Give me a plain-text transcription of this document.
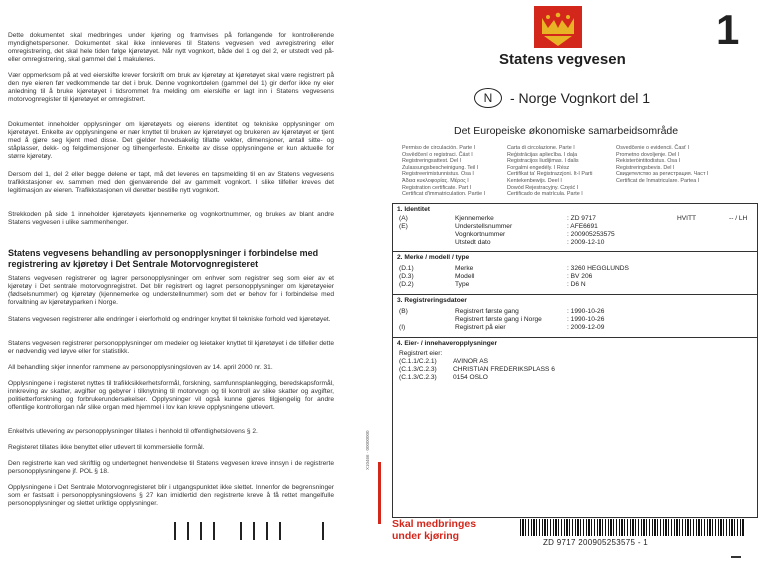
Dette dokumentet skal medbringes under kjøring og framvises på forlangende for kontrollerende myndighetspersoner. Dokumentet skal ikke innleveres til Statens vegvesen ved avregistrering eller omregistrering, det skal hele tiden følge kjøretøyet. Når nytt vognkort, både del 1 og del 2, er utstedt ved på- eller omregistrering, skal gammel del 1 makuleres.

Vær oppmerksom på at ved eierskifte krever forskrift om bruk av kjøretøy at kjøretøyet skal være registrert på den nye eieren før vedkommende tar det i bruk. Denne vognkortdelen (gammel del 1) gir derfor ikke ny eier anledning til å bruke kjøretøyet i tidsrommet fra melding om eierskifte er lagt inn i Statens vegvesens motorvognregister til kjøretøyet er omregistrert.

Dokumentet inneholder opplysninger om kjøretøyets og eierens identitet og tekniske opplysninger om kjøretøyet. Enkelte av opplysningene er nær knyttet til bruken av kjøretøyet og brukeren av kjøretøyet er tjent med å gjøre seg kjent med disse. Det gjelder hovedsakelig tillatte vekter, dimensjoner, antall sitte- og ståplasser, dekk- og felgdimensjoner og tilhengerfeste. Enkelte av disse opplysningene er kun aktuelle for større kjøretøy.

Dersom del 1, del 2 eller begge delene er tapt, må det leveres en tapsmelding til en av Statens vegvesens trafikkstasjoner ev. sammen med den gjenværende del av gammelt vognkort. I slike tilfeller kreves det legitimasjon av eieren. Trafikkstasjonen vil deretter bestille nytt vognkort.

Strekkoden på side 1 inneholder kjøretøyets kjennemerke og vognkortnummer, og brukes av blant andre Statens vegvesen i ulike sammenhenger.

Statens vegvesens behandling av personopplysninger i forbindelse med registrering av kjøretøy i Det Sentrale Motorvognregisteret

Statens vegvesen registrerer og lagrer personopplysninger om enhver som registrer seg som eier av et kjøretøy i Det sentrale motorvognregistret. Det blir registrert og lagret personopplysninger om kjøretøyeier (fødselsnummer) og kjøretøy (kjennemerke og understellnummer) som det er behov for i forbindelse med forvaltning av kjøretøyparken i Norge.

Statens vegvesen registrerer alle endringer i eierforhold og endringer knyttet til tekniske forhold ved kjøretøyet.

Statens vegvesen registrerer personopplysninger om medeier og leietaker knyttet til kjøretøyet i de tilfeller dette er nødvendig ved løyve eller for statistikk.

All behandling skjer innenfor rammene av personopplysningsloven av 14. april 2000 nr. 31.

Opplysningene i registeret nyttes til trafikksikkerhetsformål, forskning, samfunnsplanlegging, beredskapsformål, innkreving av skatter, avgifter og gebyrer i tilknytning til motorvogn og til kontroll av slike skatter og avgifter, politietterforskning og forbrukerundersøkelser. Opplysninger vil også kunne gjøres tilgjengelig for andre offentlige kontrollorgan når slike organ med hjemmel i lov kan kreve opplysningene utlevert.

Enkeltvis utlevering av personopplysninger tillates i henhold til offentlighetslovens § 2.

Registeret tillates ikke benyttet eller utlevert til kommersielle formål.

Den registrerte kan ved skriftlig og undertegnet henvendelse til Statens vegvesen kreve innsyn i de registrerte personopplysningene jf. POL § 18.

Opplysningene i Det Sentrale Motorvognregisteret blir i utgangspunktet ikke slettet. Innenfor de begrensninger som er fastsatt i personopplysningslovens § 27 kan imidlertid den registrerte kreve å få rettet mangelfulle personopplysninger og slettet uriktige opplysninger.

1
Statens vegvesen
N	- Norge Vognkort del 1
Det Europeiske økonomiske samarbeidsområde
Permiso de circulación. Parte I
Osvědčení o registraci. Část I
Registreringsattest. Del I
Zulassungsbescheinigung. Teil I
Registreerimistunnistus. Osa I
Άδεια κυκλοφορίας. Μέρος I
Registration certificate. Part I
Certificat d'immatriculation. Partie I
Carta di circolazione. Parte I
Reģistrācijas apliecība. I daļa
Registracijos liudijimas. I dalis
Forgalmi engedély. I Rész
Certifikat ta' Reġistrazzjoni. It-I Parti
Kentekenbewijs. Deel I
Dowód Rejestracyjny. Część I
Certificado de matrícula. Parte I
Osvedčenie o evidencii. Časť I
Prometno dovoljenje. Del I
Rekisteröintitodistus. Osa I
Registreringsbevis. Del I
Свидетелство за регистрация. Част I
Certificat de înmatriculare. Partea I
1. Identitet
(A)	Kjennemerke	: ZD 9717	HVITT	-- / LH
(E)	Understellsnummer	: AFE6691
Vognkortnummer	: 200905253575
Utstedt dato	: 2009-12-10
2. Merke / modell / type
(D.1)	Merke	: 3260 HEGGLUNDS
(D.3)	Modell	: BV 206
(D.2)	Type	: D6 N
3. Registreringsdatoer
(B)	Registrert første gang	: 1990-10-26
Registrert første gang i Norge	: 1990-10-26
(I)	Registrert på eier	: 2009-12-09
4. Eier- / innehaveropplysninger
Registrert eier:
(C.1.1/C.2.1)	AVINOR AS
(C.1.3/C.2.3)	CHRISTIAN FREDERIKSPLASS 6
(C.1.3/C.2.3)	0154 OSLO
X10466 · 00000000
Skal medbringes
under kjøring
ZD 9717 200905253575 - 1
